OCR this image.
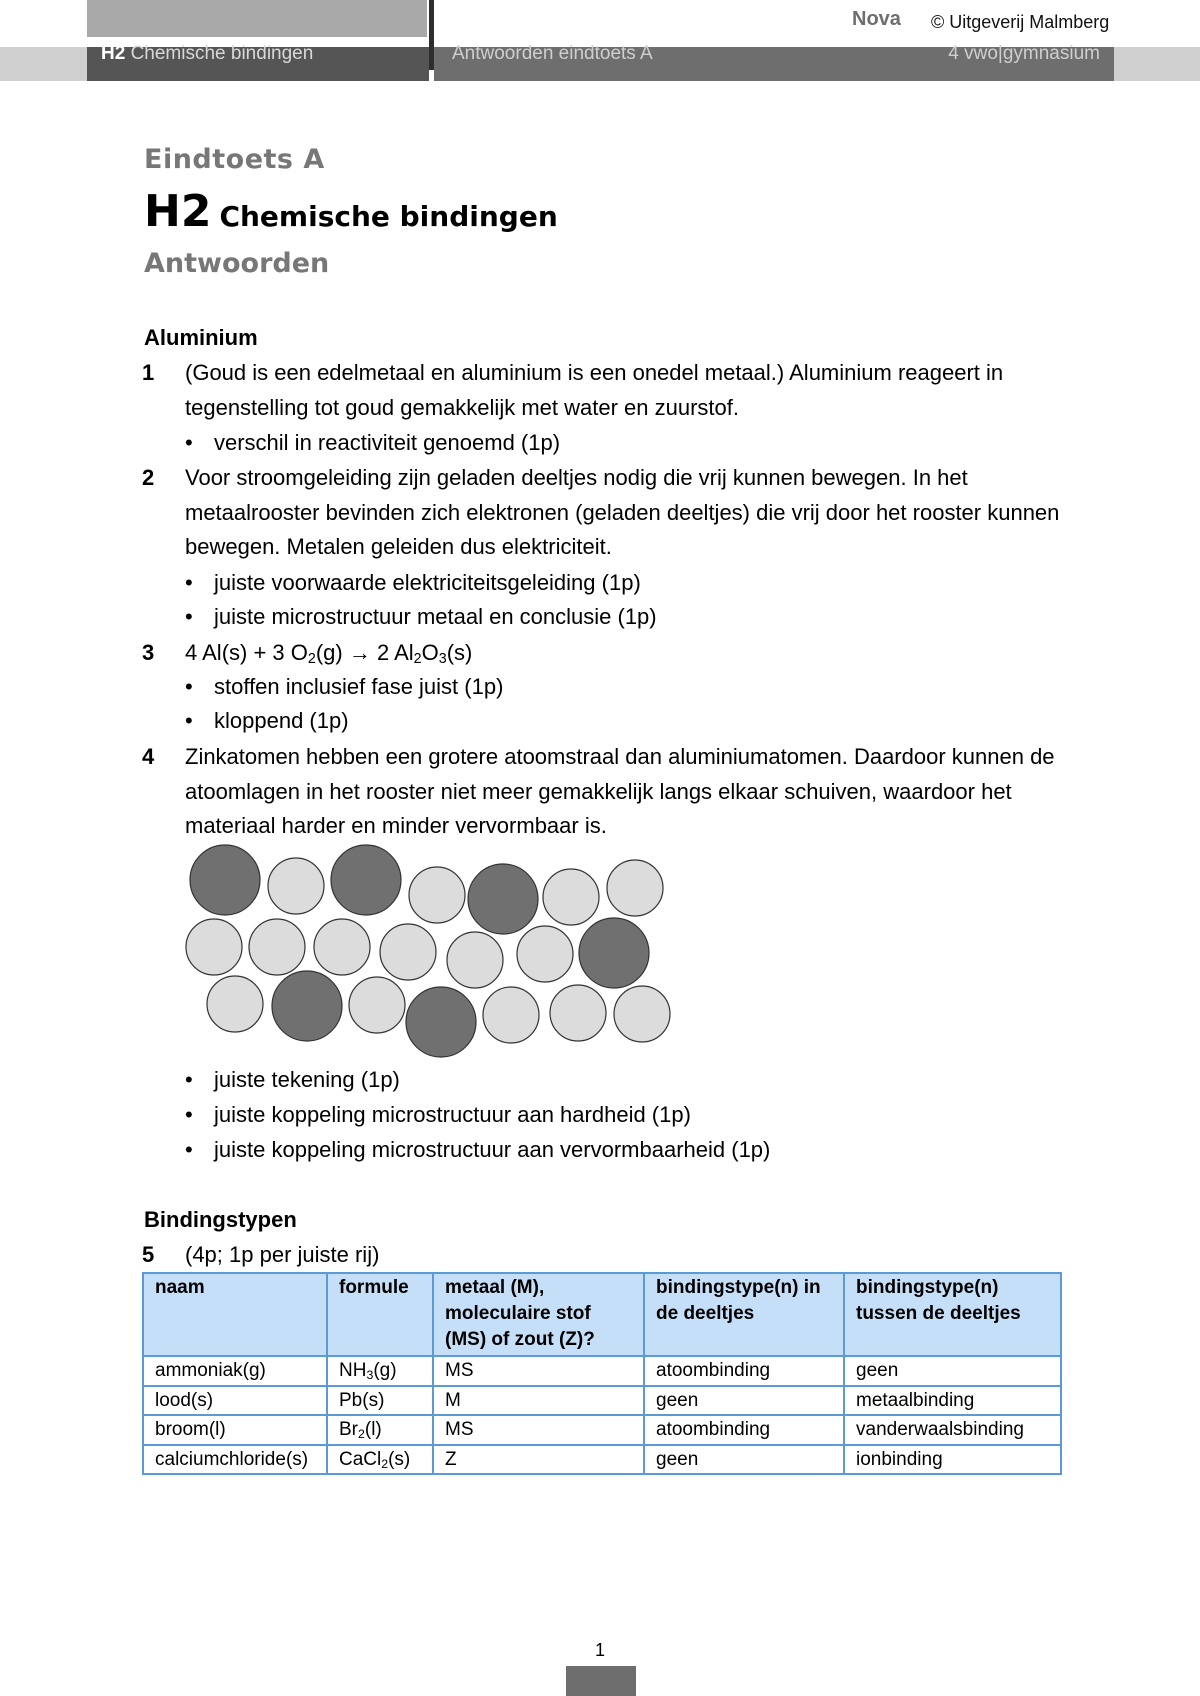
H2 Chemische bindingen	Antwoorden eindtoets A	4 vwo|gymnasium
Nova © Uitgeverij Malmberg
Eindtoets A
H2 Chemische bindingen
Antwoorden
Aluminium
1 (Goud is een edelmetaal en aluminium is een onedel metaal.) Aluminium reageert in tegenstelling tot goud gemakkelijk met water en zuurstof.
• verschil in reactiviteit genoemd (1p)
2 Voor stroomgeleiding zijn geladen deeltjes nodig die vrij kunnen bewegen. In het metaalrooster bevinden zich elektronen (geladen deeltjes) die vrij door het rooster kunnen bewegen. Metalen geleiden dus elektriciteit.
• juiste voorwaarde elektriciteitsgeleiding (1p)
• juiste microstructuur metaal en conclusie (1p)
3 4 Al(s) + 3 $O_2(g) \to 2$ $Al_2O_3(s)$
• stoffen inclusief fase juist (1p)
• kloppend (1p)
4 Zinkatomen hebben een grotere atoomstraal dan aluminiumatomen. Daardoor kunnen de atoomlagen in het rooster niet meer gemakkelijk langs elkaar schuiven, waardoor het materiaal harder en minder vervormbaar is.
• juiste tekening (1p)
• juiste koppeling microstructuur aan hardheid (1p)
• juiste koppeling microstructuur aan vervormbaarheid (1p)
Bindingstypen
5 (4p; 1p per juiste rij)
naam	formule	metaal (M), moleculaire stof (MS) of zout (Z)?	bindingstype(n) in de deeltjes	bindingstype(n) tussen de deeltjes
ammoniak(g)	$NH_3(g)$	MS	atoombinding	geen
lood(s)	Pb(s)	M	geen	metaalbinding
broom(l)	$Br_2(l)$	MS	atoombinding	vanderwaalsbinding
calciumchloride(s)	CaCl$_2$(s)	Z	geen	ionbinding
1
